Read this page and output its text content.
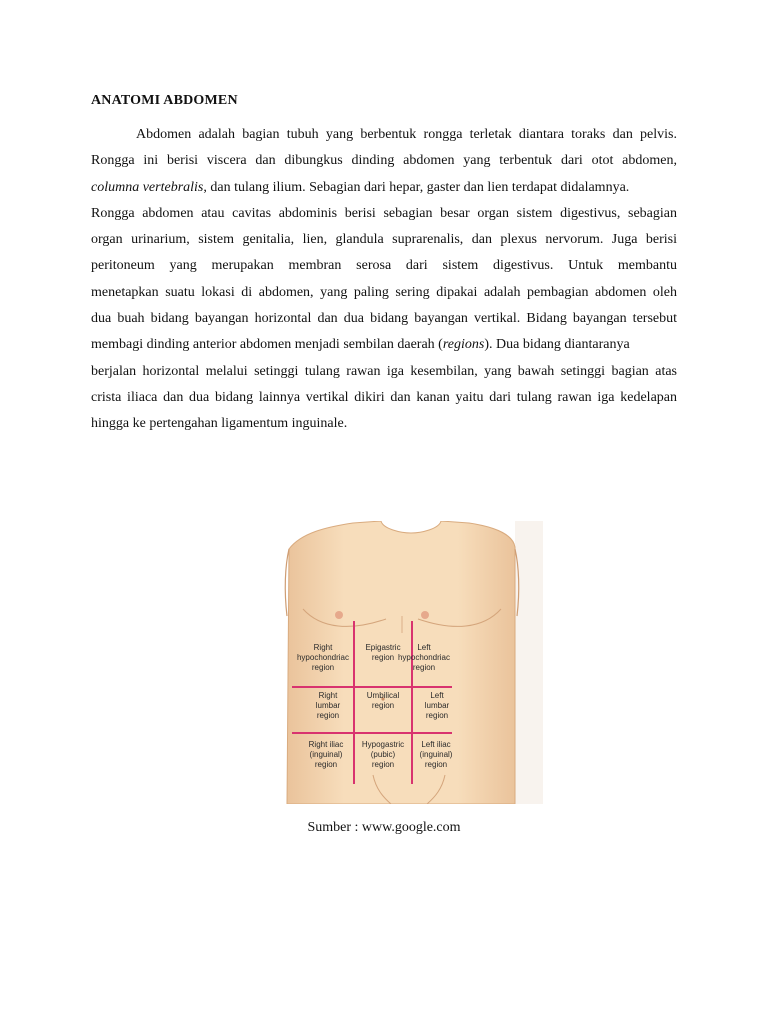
ANATOMI ABDOMEN
Abdomen adalah bagian tubuh yang berbentuk rongga terletak diantara toraks dan pelvis.
Rongga ini berisi viscera dan dibungkus dinding abdomen yang terbentuk dari otot abdomen,
columna vertebralis, dan tulang ilium. Sebagian dari hepar, gaster dan lien terdapat didalamnya.
Rongga abdomen atau cavitas abdominis berisi sebagian besar organ sistem digestivus, sebagian
organ urinarium, sistem genitalia, lien, glandula suprarenalis, dan plexus nervorum. Juga berisi
peritoneum yang merupakan membran serosa dari sistem digestivus. Untuk membantu
menetapkan suatu lokasi di abdomen, yang paling sering dipakai adalah pembagian abdomen oleh
dua buah bidang bayangan horizontal dan dua bidang bayangan vertikal. Bidang bayangan tersebut
membagi dinding anterior abdomen menjadi sembilan daerah (regions). Dua bidang diantaranya
berjalan horizontal melalui setinggi tulang rawan iga kesembilan, yang bawah setinggi bagian atas
crista iliaca dan dua bidang lainnya vertikal dikiri dan kanan yaitu dari tulang rawan iga kedelapan
hingga ke pertengahan ligamentum inguinale.
Right
hypochondriac
region
Epigastric
region
Left
hypochondriac
region
Right
lumbar
region
Umbilical
region
Left
lumbar
region
Right iliac
(inguinal)
region
Hypogastric
(pubic)
region
Left iliac
(inguinal)
region
Sumber : www.google.com
